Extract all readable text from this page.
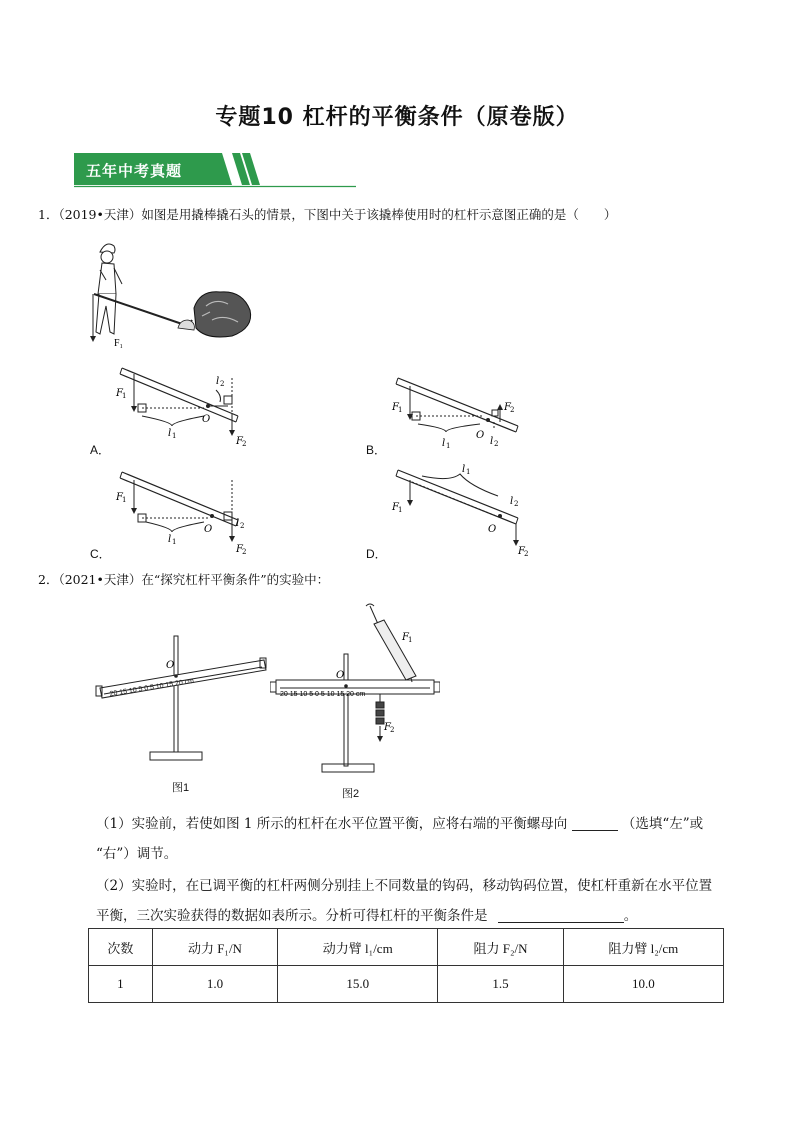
专题10 杠杆的平衡条件（原卷版）
五年中考真题
1．（2019•天津）如图是用撬棒撬石头的情景，下图中关于该撬棒使用时的杠杆示意图正确的是（　　）
F₁
F 1
l 1
O
l 2
F 2
F 1
l 1
O
l 2
F 2
F 1
l 1
O
l 2
F 2
F 1
l 1
O
l 2
F 2
A．	B．
C．	D．
2．（2021•天津）在“探究杠杆平衡条件”的实验中：
O
20 15 10 5 0 5 10 15 20 cm
图1
O
F 1
F 2
20 15 10 5 0 5 10 15 20 cm
图2
（1）实验前，若使如图 1 所示的杠杆在水平位置平衡，应将右端的平衡螺母向	（选填“左”或
“右”）调节。
（2）实验时，在已调平衡的杠杆两侧分别挂上不同数量的钩码，移动钩码位置，使杠杆重新在水平位置
平衡，三次实验获得的数据如表所示。分析可得杠杆的平衡条件是	。
次数	动力 F₁/N	动力臂 l₁/cm	阻力 F₂/N	阻力臂 l₂/cm
1	1.0	15.0	1.5	10.0
